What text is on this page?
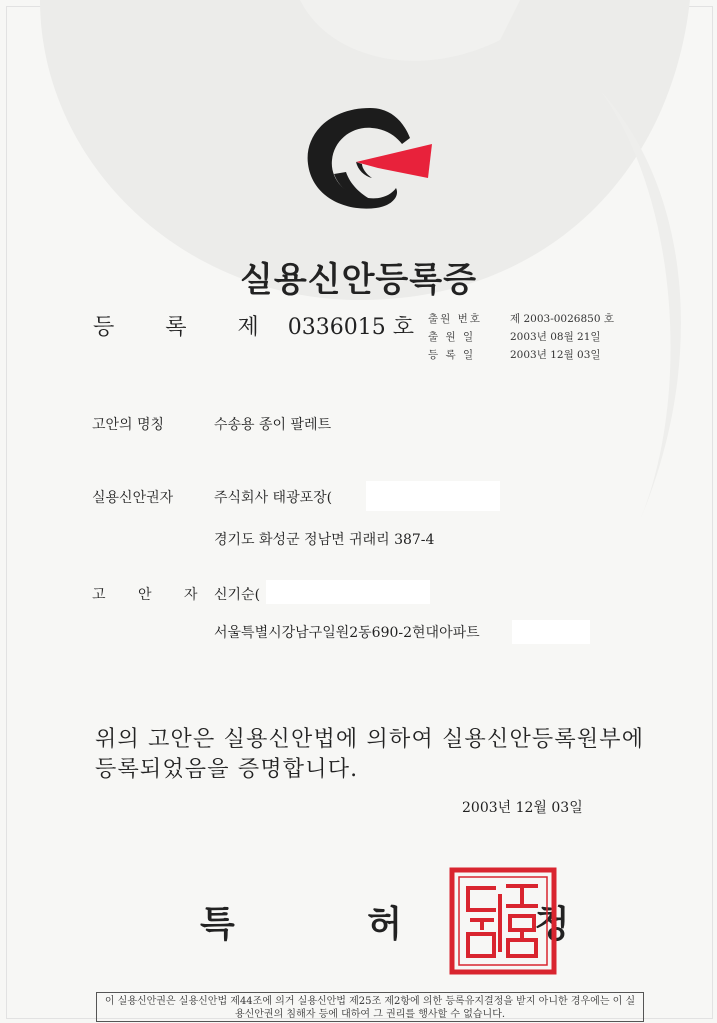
실용신안등록증
등 록 제 0336015 호 출원 번호	제 2003-0026850 호
출 원 일	2003년 08월 21일
등 록 일	2003년 12월 03일
고안의 명칭	수송용 종이 팔레트
실용신안권자	주식회사 태광포장(
경기도 화성군 정남면 귀래리 387-4
고 안 자 신기순(
서울특별시강남구일원2동690-2현대아파트
위의 고안은 실용신안법에 의하여 실용신안등록원부에 등록되었음을 증명합니다.
2003년 12월 03일
특 허 청
이 실용신안권은 실용신안법 제44조에 의거 실용신안법 제25조 제2항에 의한 등록유지결정을 받지 아니한 경우에는 이 실용신안권의 침해자 등에 대하여 그 권리를 행사할 수 없습니다.
